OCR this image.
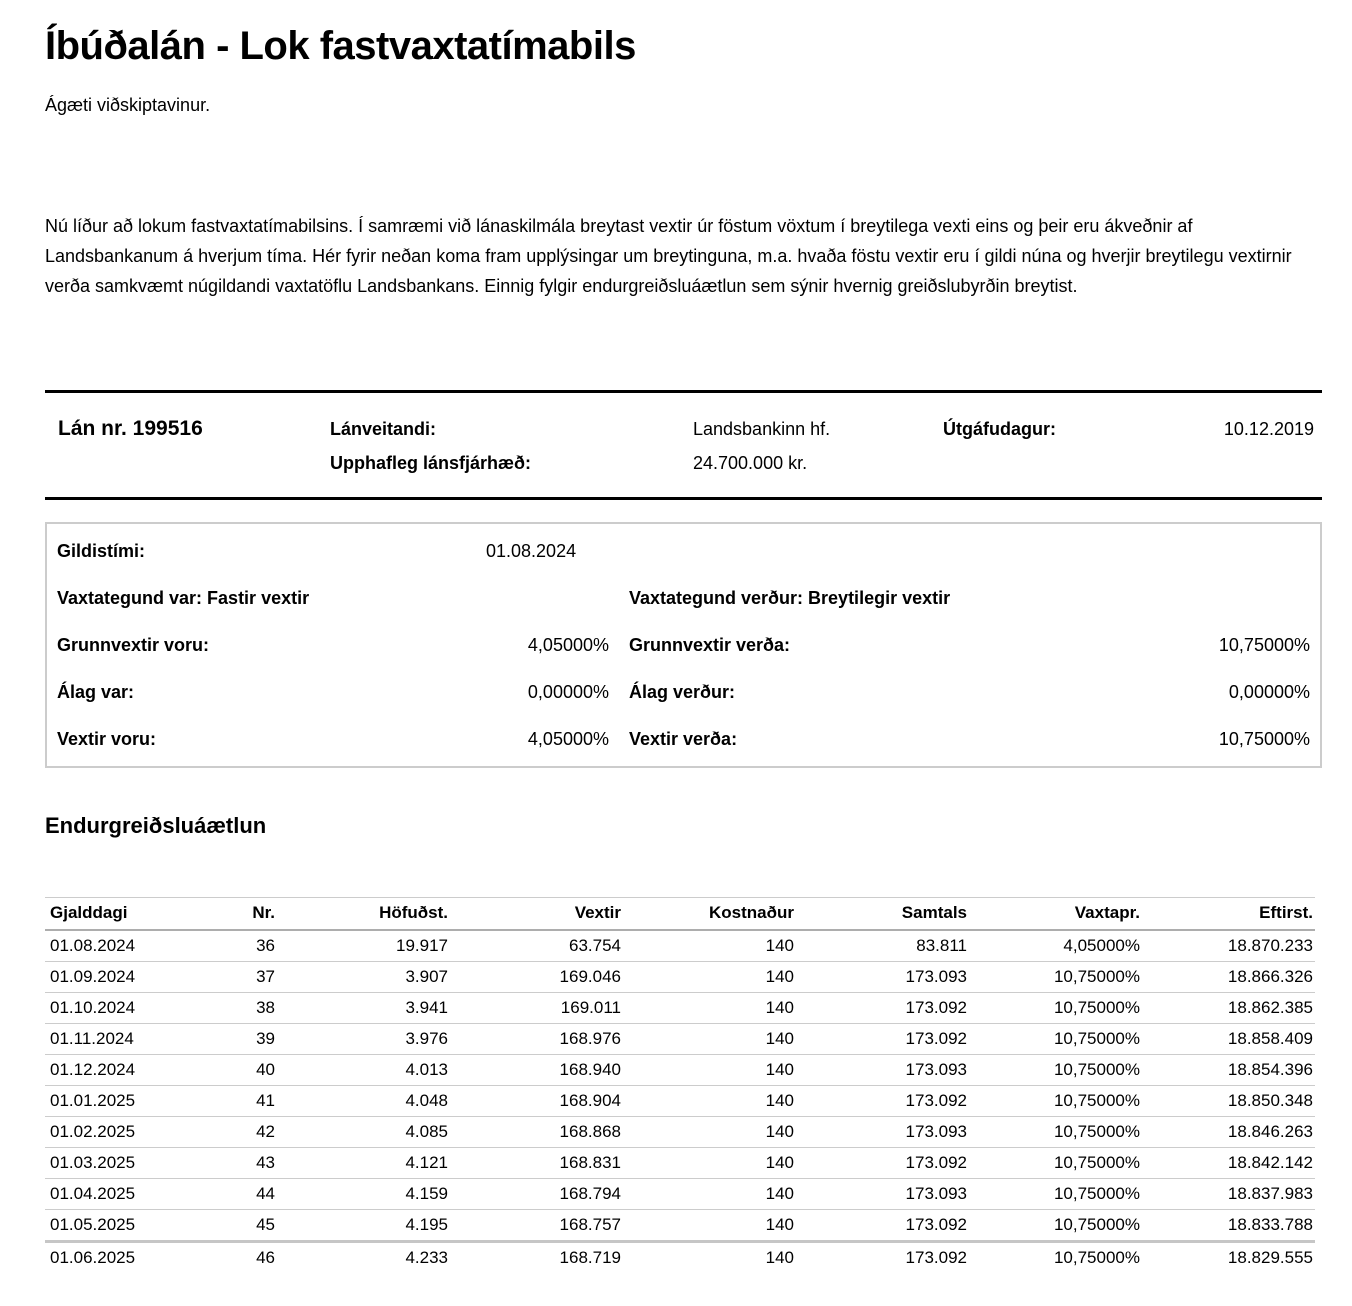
Íbúðalán - Lok fastvaxtatímabils

Ágæti viðskiptavinur.

Nú líður að lokum fastvaxtatímabilsins. Í samræmi við lánaskilmála breytast vextir úr föstum vöxtum í breytilega vexti eins og þeir eru ákveðnir af Landsbankanum á hverjum tíma. Hér fyrir neðan koma fram upplýsingar um breytinguna, m.a. hvaða föstu vextir eru í gildi núna og hverjir breytilegu vextirnir verða samkvæmt núgildandi vaxtatöflu Landsbankans. Einnig fylgir endurgreiðsluáætlun sem sýnir hvernig greiðslubyrðin breytist.

Lán nr. 199516	Lánveitandi:	Landsbankinn hf.	Útgáfudagur:	10.12.2019
Upphafleg lánsfjárhæð:	24.700.000 kr.
Gildistími:	01.08.2024
Vaxtategund var: Fastir vextir	Vaxtategund verður: Breytilegir vextir
Grunnvextir voru:	4,05000%	Grunnvextir verða:	10,75000%
Álag var:	0,00000%	Álag verður:	0,00000%
Vextir voru:	4,05000%	Vextir verða:	10,75000%
Endurgreiðsluáætlun
Gjalddagi	Nr.	Höfuðst.	Vextir	Kostnaður	Samtals	Vaxtapr.	Eftirst.
01.08.2024	36	19.917	63.754	140	83.811	4,05000%	18.870.233
01.09.2024	37	3.907	169.046	140	173.093	10,75000%	18.866.326
01.10.2024	38	3.941	169.011	140	173.092	10,75000%	18.862.385
01.11.2024	39	3.976	168.976	140	173.092	10,75000%	18.858.409
01.12.2024	40	4.013	168.940	140	173.093	10,75000%	18.854.396
01.01.2025	41	4.048	168.904	140	173.092	10,75000%	18.850.348
01.02.2025	42	4.085	168.868	140	173.093	10,75000%	18.846.263
01.03.2025	43	4.121	168.831	140	173.092	10,75000%	18.842.142
01.04.2025	44	4.159	168.794	140	173.093	10,75000%	18.837.983
01.05.2025	45	4.195	168.757	140	173.092	10,75000%	18.833.788
01.06.2025	46	4.233	168.719	140	173.092	10,75000%	18.829.555
